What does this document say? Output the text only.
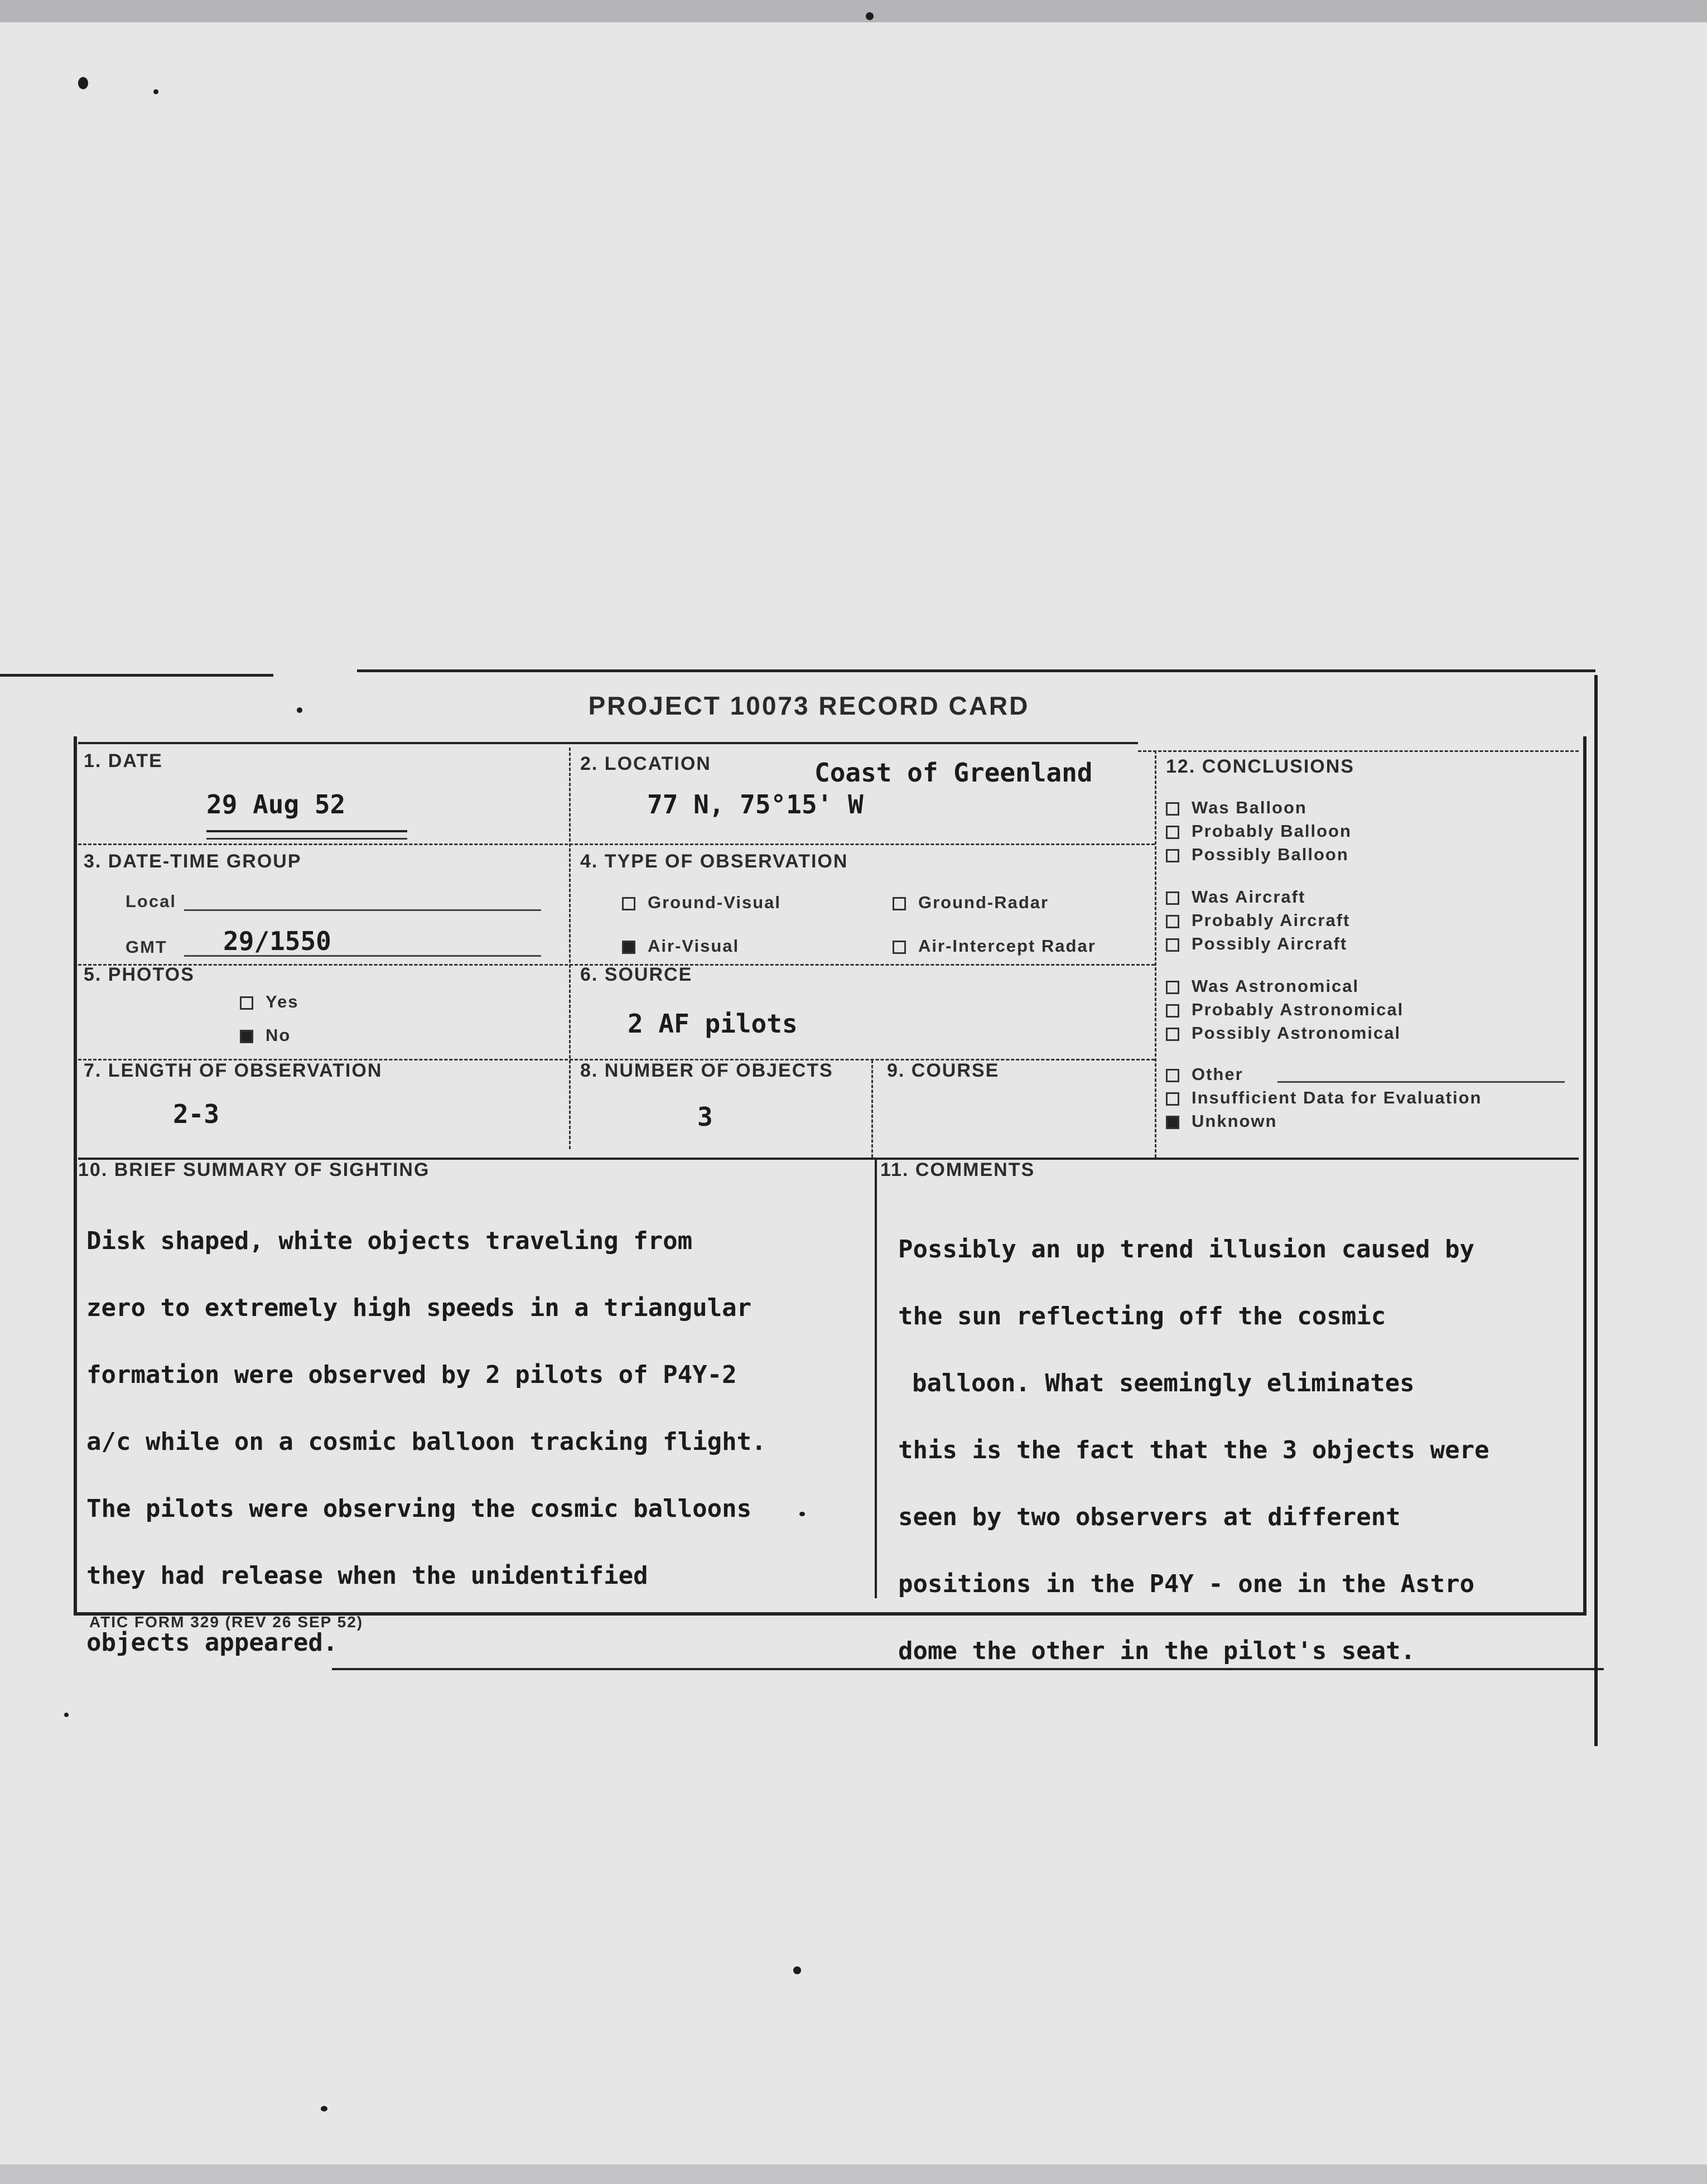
PROJECT 10073 RECORD CARD
1. DATE
29 Aug 52
2. LOCATION	Coast of Greenland
77 N, 75°15' W
3. DATE-TIME GROUP
Local
GMT 29/1550
4. TYPE OF OBSERVATION
Ground-Visual	Ground-Radar
Air-Visual	Air-Intercept Radar
5. PHOTOS
Yes
No
6. SOURCE
2 AF pilots
7. LENGTH OF OBSERVATION
2-3
8. NUMBER OF OBJECTS
3
9. COURSE
12. CONCLUSIONS
Was Balloon
Probably Balloon
Possibly Balloon
Was Aircraft
Probably Aircraft
Possibly Aircraft
Was Astronomical
Probably Astronomical
Possibly Astronomical
Other
Insufficient Data for Evaluation
Unknown
10. BRIEF SUMMARY OF SIGHTING

Disk shaped, white objects traveling from

zero to extremely high speeds in a triangular

formation were observed by 2 pilots of P4Y-2

a/c while on a cosmic balloon tracking flight.

The pilots were observing the cosmic balloons

they had release when the unidentified

objects appeared.

11. COMMENTS

Possibly an up trend illusion caused by

the sun reflecting off the cosmic

balloon. What seemingly eliminates

this is the fact that the 3 objects were

seen by two observers at different

positions in the P4Y - one in the Astro

dome the other in the pilot's seat.

ATIC FORM 329 (REV 26 SEP 52)
